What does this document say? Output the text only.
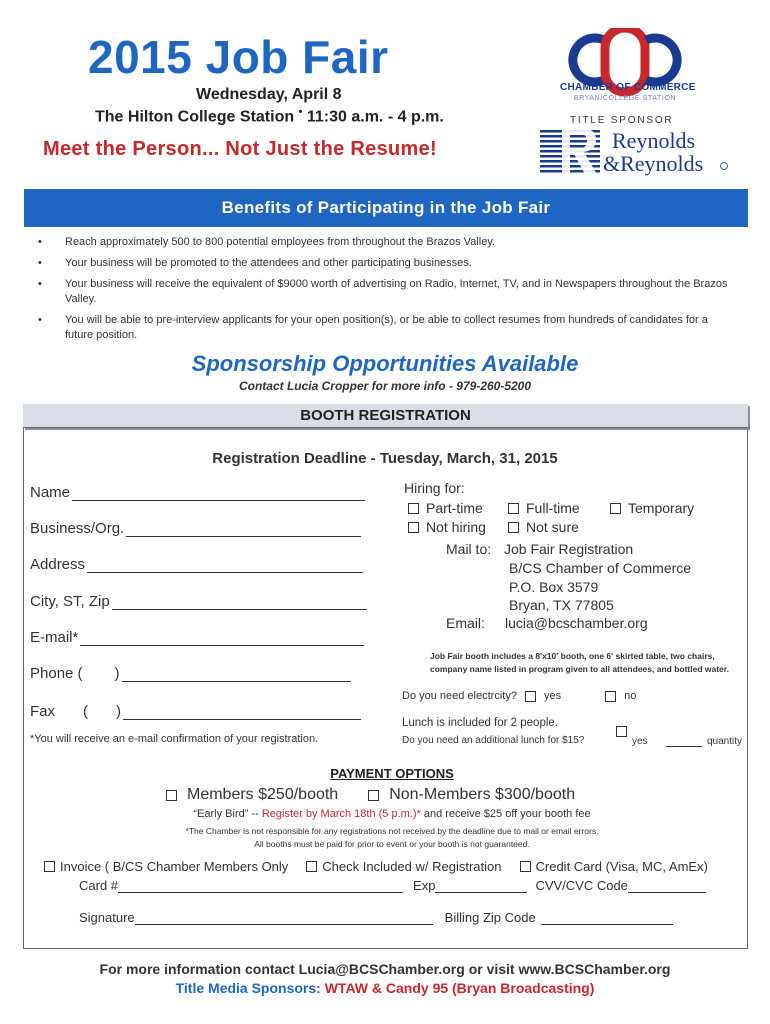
2015 Job Fair
Wednesday, April 8
The Hilton College Station • 11:30 a.m. - 4 p.m.
Meet the Person... Not Just the Resume!
CHAMBER OF COMMERCE
BRYAN/COLLEGE STATION
TITLE SPONSOR
Reynolds
&Reynolds
Benefits of Participating in the Job Fair
• Reach approximately 500 to 800 potential employees from throughout the Brazos Valley.
• Your business will be promoted to the attendees and other participating businesses.
• Your business will receive the equivalent of $9000 worth of advertising on Radio, Internet, TV, and in Newspapers throughout the Brazos Valley.
• You will be able to pre-interview applicants for your open position(s), or be able to collect resumes from hundreds of candidates for a future position.
Sponsorship Opportunities Available
Contact Lucia Cropper for more info - 979-260-5200
BOOTH REGISTRATION
Registration Deadline - Tuesday, March, 31, 2015
Name
Business/Org.
Address
City, ST, Zip
E-mail*
Phone ( )
Fax ( )
*You will receive an e-mail confirmation of your registration.
Hiring for:
Part-time	Full-time	Temporary
Not hiring	Not sure
Mail to: Job Fair Registration
B/CS Chamber of Commerce
P.O. Box 3579
Bryan, TX 77805
Email: lucia@bcschamber.org
Job Fair booth includes a 8'x10' booth, one 6' skirted table, two chairs, company name listed in program given to all attendees, and bottled water.
Do you need electrcity? yes	no
Lunch is included for 2 people.
Do you need an additional lunch for $15?	yes	quantity
PAYMENT OPTIONS
Members $250/booth	Non-Members $300/booth
“Early Bird” -- Register by March 18th (5 p.m.)* and receive $25 off your booth fee
*The Chamber is not responsible for any registrations not received by the deadline due to mail or email errors.
All booths must be paid for prior to event or your booth is not guaranteed.
Invoice ( B/CS Chamber Members Only	Check Included w/ Registration	Credit Card (Visa, MC, AmEx)
Card #	Exp	CVV/CVC Code
Signature	Billing Zip Code
For more information contact Lucia@BCSChamber.org or visit www.BCSChamber.org
Title Media Sponsors: WTAW & Candy 95 (Bryan Broadcasting)
